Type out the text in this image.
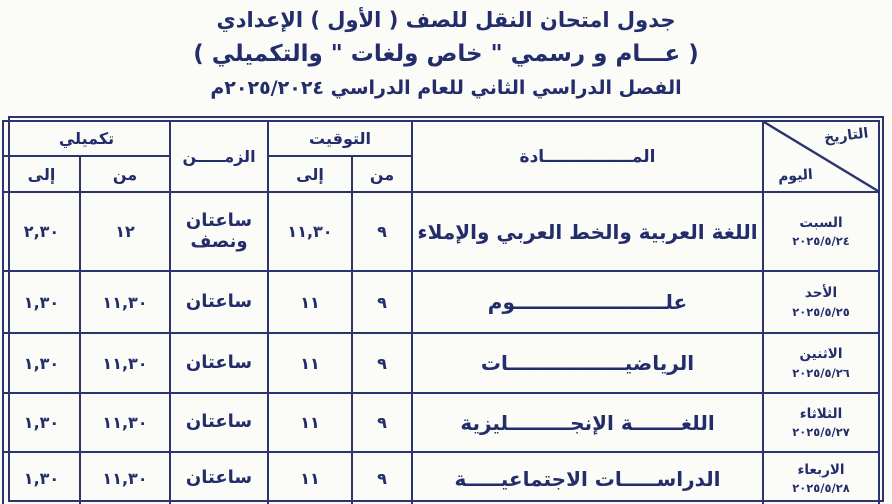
جدول امتحان النقل للصف ( الأول ) الإعدادي
( عـــام و رسمي " خاص ولغات " والتكميلي )
الفصل الدراسي الثاني للعام الدراسي ٢٠٢٥/٢٠٢٤م
التاريخ
اليوم	المـــــــــــــــادة	التوقيت		الزمـــــن	تكميلي	
		من	إلى		من	إلى

السبت
٢٠٢٥/٥/٢٤	اللغة العربية والخط العربي والإملاء	٩	١١,٣٠	ساعتان ونصف	١٢	٢,٣٠

الأحد
٢٠٢٥/٥/٢٥	علــــــــــــــــــــــوم	٩	١١	ساعتان	١١,٣٠	١,٣٠

الاثنين
٢٠٢٥/٥/٢٦	الرياضيـــــــــــــــــات	٩	١١	ساعتان	١١,٣٠	١,٣٠

الثلاثاء
٢٠٢٥/٥/٢٧	اللغـــــــة الإنجـــــــــليزية	٩	١١	ساعتان	١١,٣٠	١,٣٠

الاربعاء
٢٠٢٥/٥/٢٨	الدراســـــات الاجتماعيـــــة	٩	١١	ساعتان	١١,٣٠	١,٣٠
